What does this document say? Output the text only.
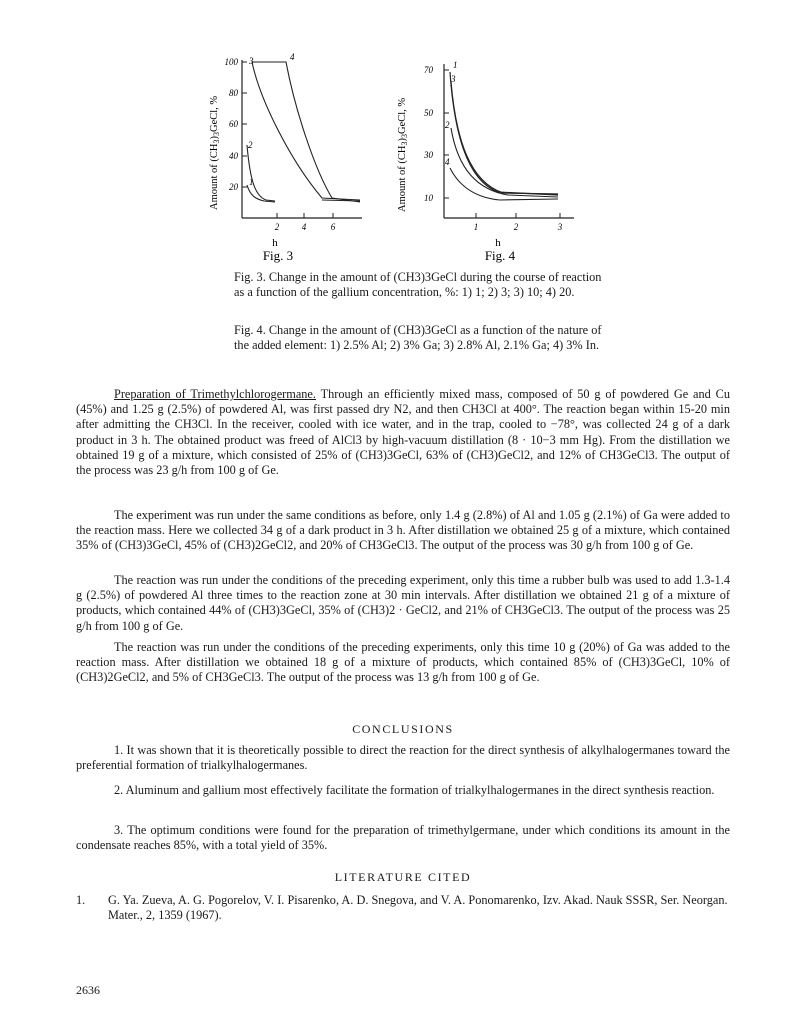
Amount of (CH3)3GeCl, %
100
80
60
40
20
2	4	6
3	4
2
1
h
Fig. 3
Amount of (CH3)3GeCl, %
70
50
30
10
1	2	3
1
3
2
4
h
Fig. 4
Fig. 3. Change in the amount of (CH3)3GeCl during the course of reaction as a function of the gallium concentration, %: 1) 1; 2) 3; 3) 10; 4) 20.
Fig. 4. Change in the amount of (CH3)3GeCl as a function of the nature of the added element: 1) 2.5% Al; 2) 3% Ga; 3) 2.8% Al, 2.1% Ga; 4) 3% In.
Preparation of Trimethylchlorogermane. Through an efficiently mixed mass, composed of 50 g of powdered Ge and Cu (45%) and 1.25 g (2.5%) of powdered Al, was first passed dry N2, and then CH3Cl at 400°. The reaction began within 15-20 min after admitting the CH3Cl. In the receiver, cooled with ice water, and in the trap, cooled to −78°, was collected 24 g of a dark product in 3 h. The obtained product was freed of AlCl3 by high-vacuum distillation (8 · 10−3 mm Hg). From the distillation we obtained 19 g of a mixture, which consisted of 25% of (CH3)3GeCl, 63% of (CH3)GeCl2, and 12% of CH3GeCl3. The output of the process was 23 g/h from 100 g of Ge.
The experiment was run under the same conditions as before, only 1.4 g (2.8%) of Al and 1.05 g (2.1%) of Ga were added to the reaction mass. Here we collected 34 g of a dark product in 3 h. After distillation we obtained 25 g of a mixture, which contained 35% of (CH3)3GeCl, 45% of (CH3)2GeCl2, and 20% of CH3GeCl3. The output of the process was 30 g/h from 100 g of Ge.
The reaction was run under the conditions of the preceding experiment, only this time a rubber bulb was used to add 1.3-1.4 g (2.5%) of powdered Al three times to the reaction zone at 30 min intervals. After distillation we obtained 21 g of a mixture of products, which contained 44% of (CH3)3GeCl, 35% of (CH3)2 · GeCl2, and 21% of CH3GeCl3. The output of the process was 25 g/h from 100 g of Ge.
The reaction was run under the conditions of the preceding experiments, only this time 10 g (20%) of Ga was added to the reaction mass. After distillation we obtained 18 g of a mixture of products, which contained 85% of (CH3)3GeCl, 10% of (CH3)2GeCl2, and 5% of CH3GeCl3. The output of the process was 13 g/h from 100 g of Ge.
CONCLUSIONS
1. It was shown that it is theoretically possible to direct the reaction for the direct synthesis of alkylhalogermanes toward the preferential formation of trialkylhalogermanes.
2. Aluminum and gallium most effectively facilitate the formation of trialkylhalogermanes in the direct synthesis reaction.
3. The optimum conditions were found for the preparation of trimethylgermane, under which conditions its amount in the condensate reaches 85%, with a total yield of 35%.
LITERATURE CITED
1. G. Ya. Zueva, A. G. Pogorelov, V. I. Pisarenko, A. D. Snegova, and V. A. Ponomarenko, Izv. Akad. Nauk SSSR, Ser. Neorgan. Mater., 2, 1359 (1967).
2636
